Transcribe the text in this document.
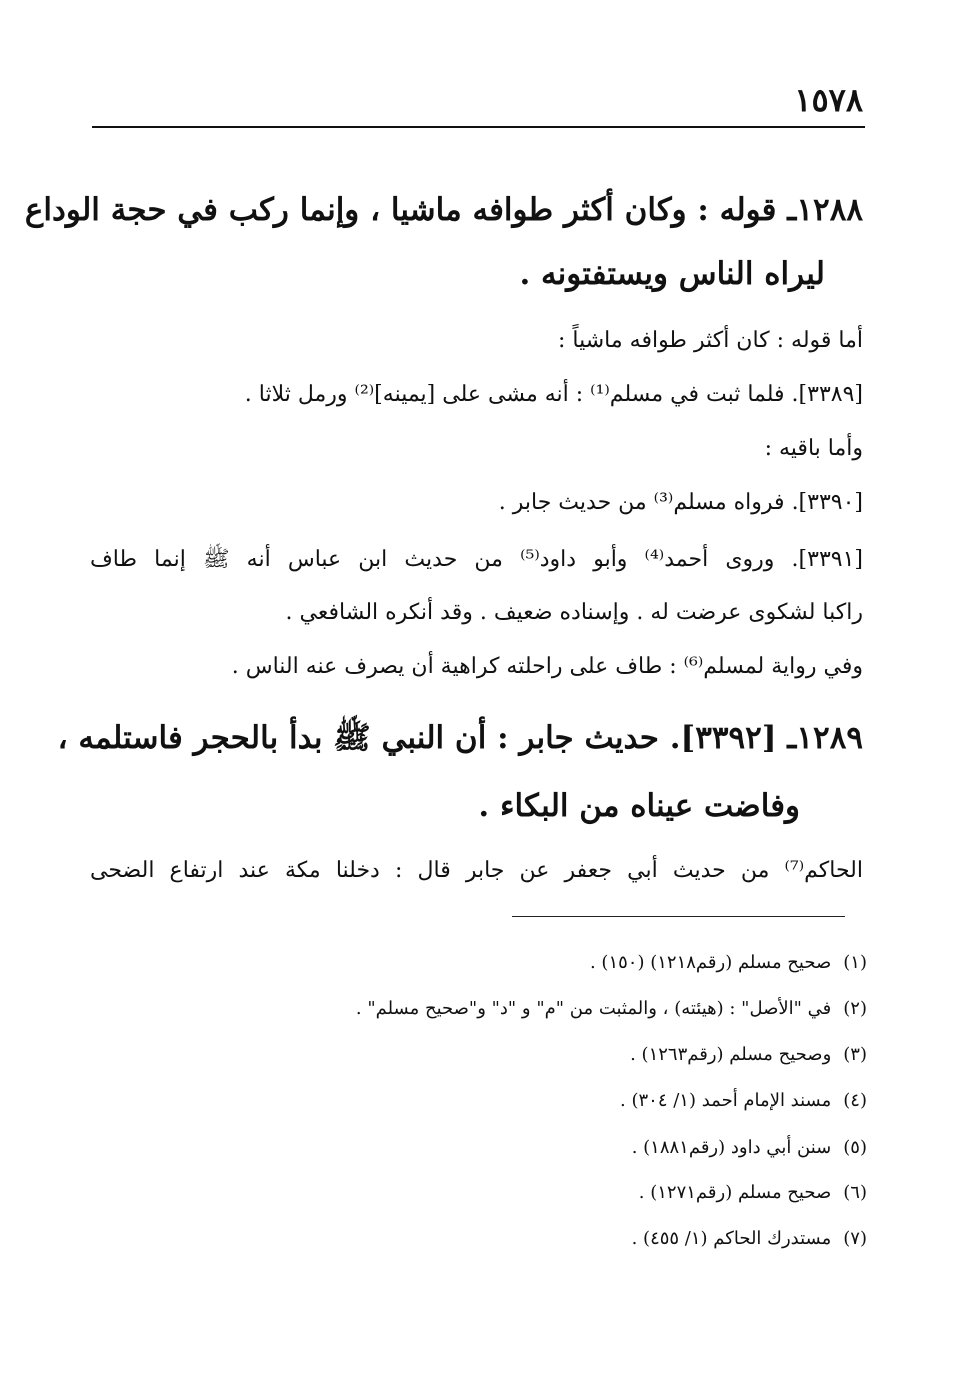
١٥٧٨
١٢٨٨ـ قوله : وكان أكثر طوافه ماشيا ، وإنما ركب في حجة الوداع
ليراه الناس ويستفتونه .
أما قوله : كان أكثر طوافه ماشياً :
[٣٣٨٩]. فلما ثبت في مسلم⁽¹⁾ : أنه مشى على [يمينه]⁽²⁾ ورمل ثلاثا .
وأما باقيه :
[٣٣٩٠]. فرواه مسلم⁽³⁾ من حديث جابر .
[٣٣٩١]. وروى أحمد⁽⁴⁾ وأبو داود⁽⁵⁾ من حديث ابن عباس أنه ﷺ إنما طاف
راكبا لشكوى عرضت له . وإسناده ضعيف . وقد أنكره الشافعي .
وفي رواية لمسلم⁽⁶⁾ : طاف على راحلته كراهية أن يصرف عنه الناس .
١٢٨٩ـ [٣٣٩٢]. حديث جابر : أن النبي ﷺ بدأ بالحجر فاستلمه ،
وفاضت عيناه من البكاء .
الحاكم⁽⁷⁾ من حديث أبي جعفر عن جابر قال : دخلنا مكة عند ارتفاع الضحى
(١)صحيح مسلم (رقم١٢١٨) (١٥٠) .
(٢)في "الأصل" : (هيئته) ، والمثبت من "م" و "د" و"صحيح مسلم" .
(٣)وصحيح مسلم (رقم١٢٦٣) .
(٤)مسند الإمام أحمد (١/ ٣٠٤) .
(٥)سنن أبي داود (رقم١٨٨١) .
(٦)صحيح مسلم (رقم١٢٧١) .
(٧)مستدرك الحاكم (١/ ٤٥٥) .
